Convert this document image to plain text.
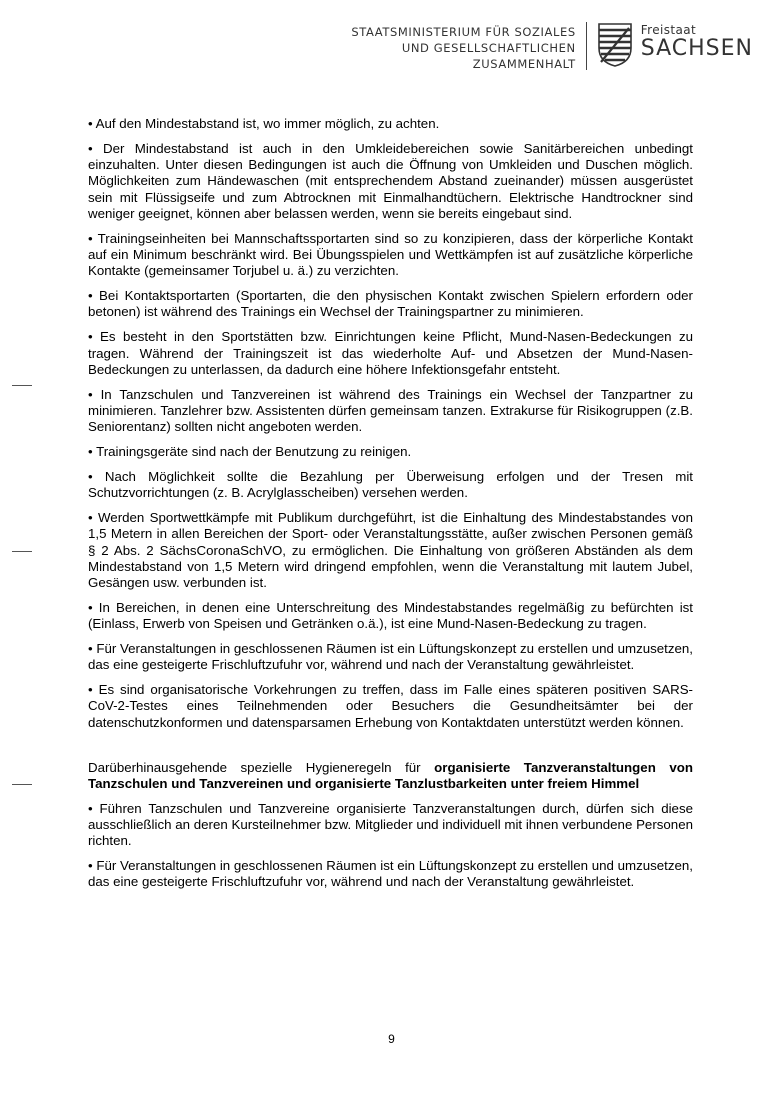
STAATSMINISTERIUM FÜR SOZIALES
UND GESELLSCHAFTLICHEN
ZUSAMMENHALT
Freistaat
SACHSEN

• Auf den Mindestabstand ist, wo immer möglich, zu achten.

• Der Mindestabstand ist auch in den Umkleidebereichen sowie Sanitärbereichen unbedingt einzuhalten. Unter diesen Bedingungen ist auch die Öffnung von Umkleiden und Duschen möglich. Möglichkeiten zum Händewaschen (mit entsprechendem Abstand zueinander) müssen ausgerüstet sein mit Flüssigseife und zum Abtrocknen mit Einmalhandtüchern. Elektrische Handtrockner sind weniger geeignet, können aber belassen werden, wenn sie bereits eingebaut sind.

• Trainingseinheiten bei Mannschaftssportarten sind so zu konzipieren, dass der körperliche Kontakt auf ein Minimum beschränkt wird. Bei Übungsspielen und Wettkämpfen ist auf zusätzliche körperliche Kontakte (gemeinsamer Torjubel u. ä.) zu verzichten.

• Bei Kontaktsportarten (Sportarten, die den physischen Kontakt zwischen Spielern erfordern oder betonen) ist während des Trainings ein Wechsel der Trainingspartner zu minimieren.

• Es besteht in den Sportstätten bzw. Einrichtungen keine Pflicht, Mund-Nasen-Bedeckungen zu tragen. Während der Trainingszeit ist das wiederholte Auf- und Absetzen der Mund-Nasen-Bedeckungen zu unterlassen, da dadurch eine höhere Infektionsgefahr entsteht.

• In Tanzschulen und Tanzvereinen ist während des Trainings ein Wechsel der Tanzpartner zu minimieren. Tanzlehrer bzw. Assistenten dürfen gemeinsam tanzen. Extrakurse für Risikogruppen (z.B. Seniorentanz) sollten nicht angeboten werden.

• Trainingsgeräte sind nach der Benutzung zu reinigen.

• Nach Möglichkeit sollte die Bezahlung per Überweisung erfolgen und der Tresen mit Schutzvorrichtungen (z. B. Acrylglasscheiben) versehen werden.

• Werden Sportwettkämpfe mit Publikum durchgeführt, ist die Einhaltung des Mindestabstandes von 1,5 Metern in allen Bereichen der Sport- oder Veranstaltungsstätte, außer zwischen Personen gemäß § 2 Abs. 2 SächsCoronaSchVO, zu ermöglichen. Die Einhaltung von größeren Abständen als dem Mindestabstand von 1,5 Metern wird dringend empfohlen, wenn die Veranstaltung mit lautem Jubel, Gesängen usw. verbunden ist.

• In Bereichen, in denen eine Unterschreitung des Mindestabstandes regelmäßig zu befürchten ist (Einlass, Erwerb von Speisen und Getränken o.ä.), ist eine Mund-Nasen-Bedeckung zu tragen.

• Für Veranstaltungen in geschlossenen Räumen ist ein Lüftungskonzept zu erstellen und umzusetzen, das eine gesteigerte Frischluftzufuhr vor, während und nach der Veranstaltung gewährleistet.

• Es sind organisatorische Vorkehrungen zu treffen, dass im Falle eines späteren positiven SARS-CoV-2-Testes eines Teilnehmenden oder Besuchers die Gesundheitsämter bei der datenschutzkonformen und datensparsamen Erhebung von Kontaktdaten unterstützt werden können.

Darüberhinausgehende spezielle Hygieneregeln für organisierte Tanzveranstaltungen von Tanzschulen und Tanzvereinen und organisierte Tanzlustbarkeiten unter freiem Himmel

• Führen Tanzschulen und Tanzvereine organisierte Tanzveranstaltungen durch, dürfen sich diese ausschließlich an deren Kursteilnehmer bzw. Mitglieder und individuell mit ihnen verbundene Personen richten.

• Für Veranstaltungen in geschlossenen Räumen ist ein Lüftungskonzept zu erstellen und umzusetzen, das eine gesteigerte Frischluftzufuhr vor, während und nach der Veranstaltung gewährleistet.

9
